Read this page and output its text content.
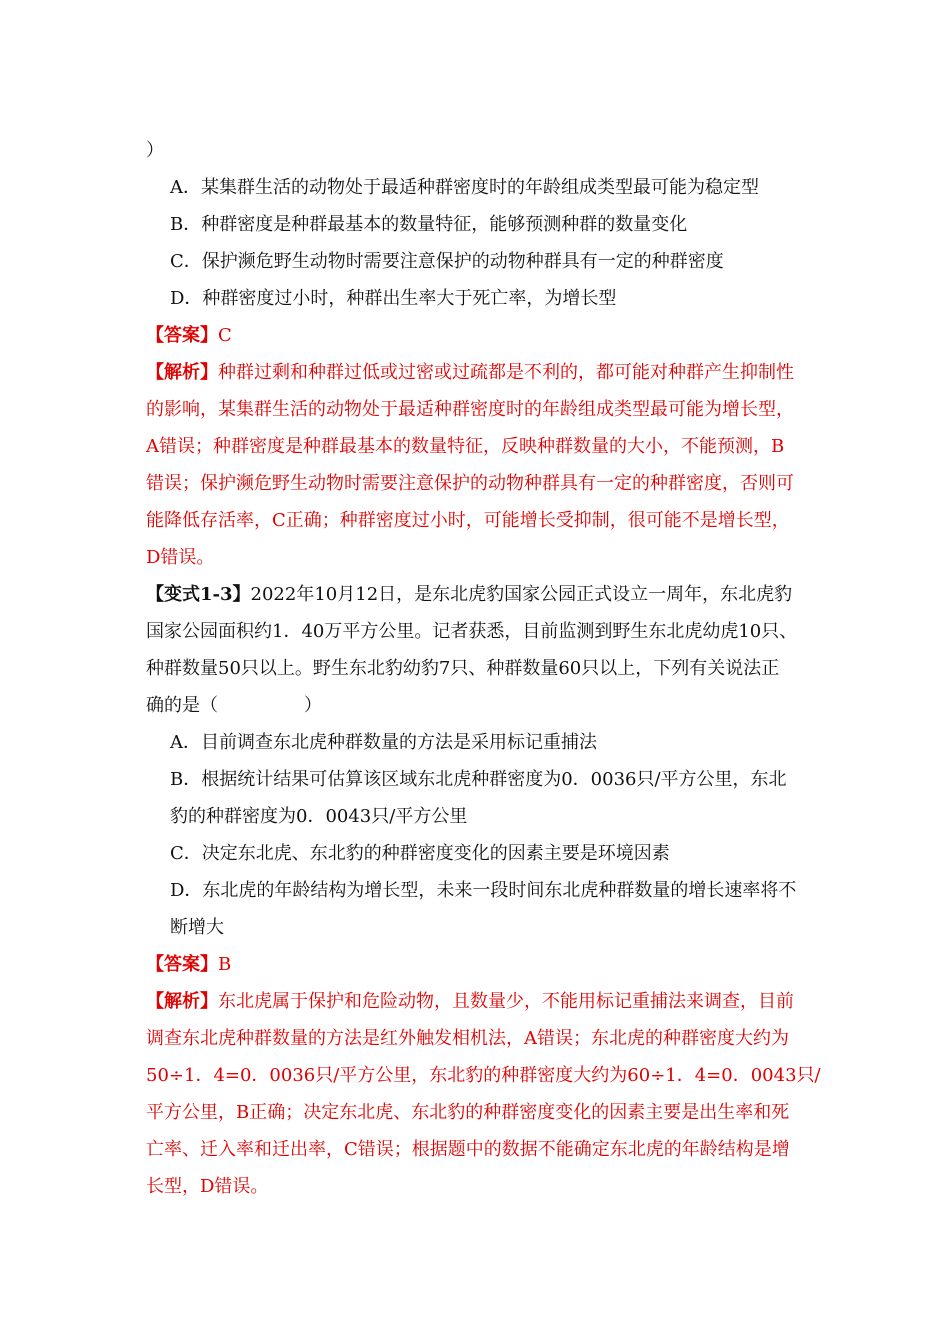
）
A．某集群生活的动物处于最适种群密度时的年龄组成类型最可能为稳定型
B．种群密度是种群最基本的数量特征，能够预测种群的数量变化
C．保护濒危野生动物时需要注意保护的动物种群具有一定的种群密度
D．种群密度过小时，种群出生率大于死亡率，为增长型
【答案】C
【解析】种群过剩和种群过低或过密或过疏都是不利的，都可能对种群产生抑制性
的影响，某集群生活的动物处于最适种群密度时的年龄组成类型最可能为增长型，
A错误；种群密度是种群最基本的数量特征，反映种群数量的大小，不能预测，B
错误；保护濒危野生动物时需要注意保护的动物种群具有一定的种群密度，否则可
能降低存活率，C正确；种群密度过小时，可能增长受抑制，很可能不是增长型，
D错误。
【变式1-3】2022年10月12日，是东北虎豹国家公园正式设立一周年，东北虎豹
国家公园面积约1．40万平方公里。记者获悉，目前监测到野生东北虎幼虎10只、
种群数量50只以上。野生东北豹幼豹7只、种群数量60只以上，下列有关说法正
确的是（	）
A．目前调查东北虎种群数量的方法是采用标记重捕法
B．根据统计结果可估算该区域东北虎种群密度为0．0036只/平方公里，东北
豹的种群密度为0．0043只/平方公里
C．决定东北虎、东北豹的种群密度变化的因素主要是环境因素
D．东北虎的年龄结构为增长型，未来一段时间东北虎种群数量的增长速率将不
断增大
【答案】B
【解析】东北虎属于保护和危险动物，且数量少，不能用标记重捕法来调查，目前
调查东北虎种群数量的方法是红外触发相机法，A错误；东北虎的种群密度大约为
50÷1．4=0．0036只/平方公里，东北豹的种群密度大约为60÷1．4=0．0043只/
平方公里，B正确；决定东北虎、东北豹的种群密度变化的因素主要是出生率和死
亡率、迁入率和迁出率，C错误；根据题中的数据不能确定东北虎的年龄结构是增
长型，D错误。
